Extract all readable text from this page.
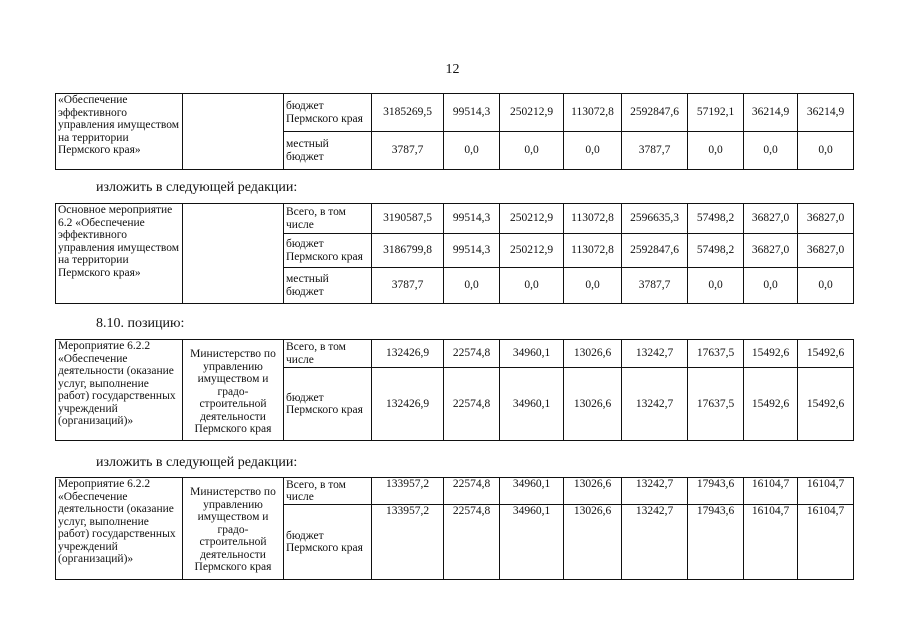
12
«Обеспечение эффективного управления имуществом на территории Пермского края»		бюджет Пермского края	3185269,5	99514,3	250212,9	113072,8	2592847,6	57192,1	36214,9	36214,9
		местный бюджет	3787,7	0,0	0,0	0,0	3787,7	0,0	0,0	0,0
изложить в следующей редакции:
Основное мероприятие 6.2 «Обеспечение эффективного управления имуществом на территории Пермского края»		Всего, в том числе	3190587,5	99514,3	250212,9	113072,8	2596635,3	57498,2	36827,0	36827,0
		бюджет Пермского края	3186799,8	99514,3	250212,9	113072,8	2592847,6	57498,2	36827,0	36827,0
		местный бюджет	3787,7	0,0	0,0	0,0	3787,7	0,0	0,0	0,0
8.10. позицию:
Мероприятие 6.2.2 «Обеспечение деятельности (оказание услуг, выполнение работ) государственных учреждений (организаций)»	Министерство по управлению имуществом и градо-строительной деятельности Пермского края	Всего, в том числе	132426,9	22574,8	34960,1	13026,6	13242,7	17637,5	15492,6	15492,6
		бюджет Пермского края	132426,9	22574,8	34960,1	13026,6	13242,7	17637,5	15492,6	15492,6
изложить в следующей редакции:
Мероприятие 6.2.2 «Обеспечение деятельности (оказание услуг, выполнение работ) государственных учреждений (организаций)»	Министерство по управлению имуществом и градо-строительной деятельности Пермского края	Всего, в том числе	133957,2	22574,8	34960,1	13026,6	13242,7	17943,6	16104,7	16104,7
		бюджет Пермского края	133957,2	22574,8	34960,1	13026,6	13242,7	17943,6	16104,7	16104,7
